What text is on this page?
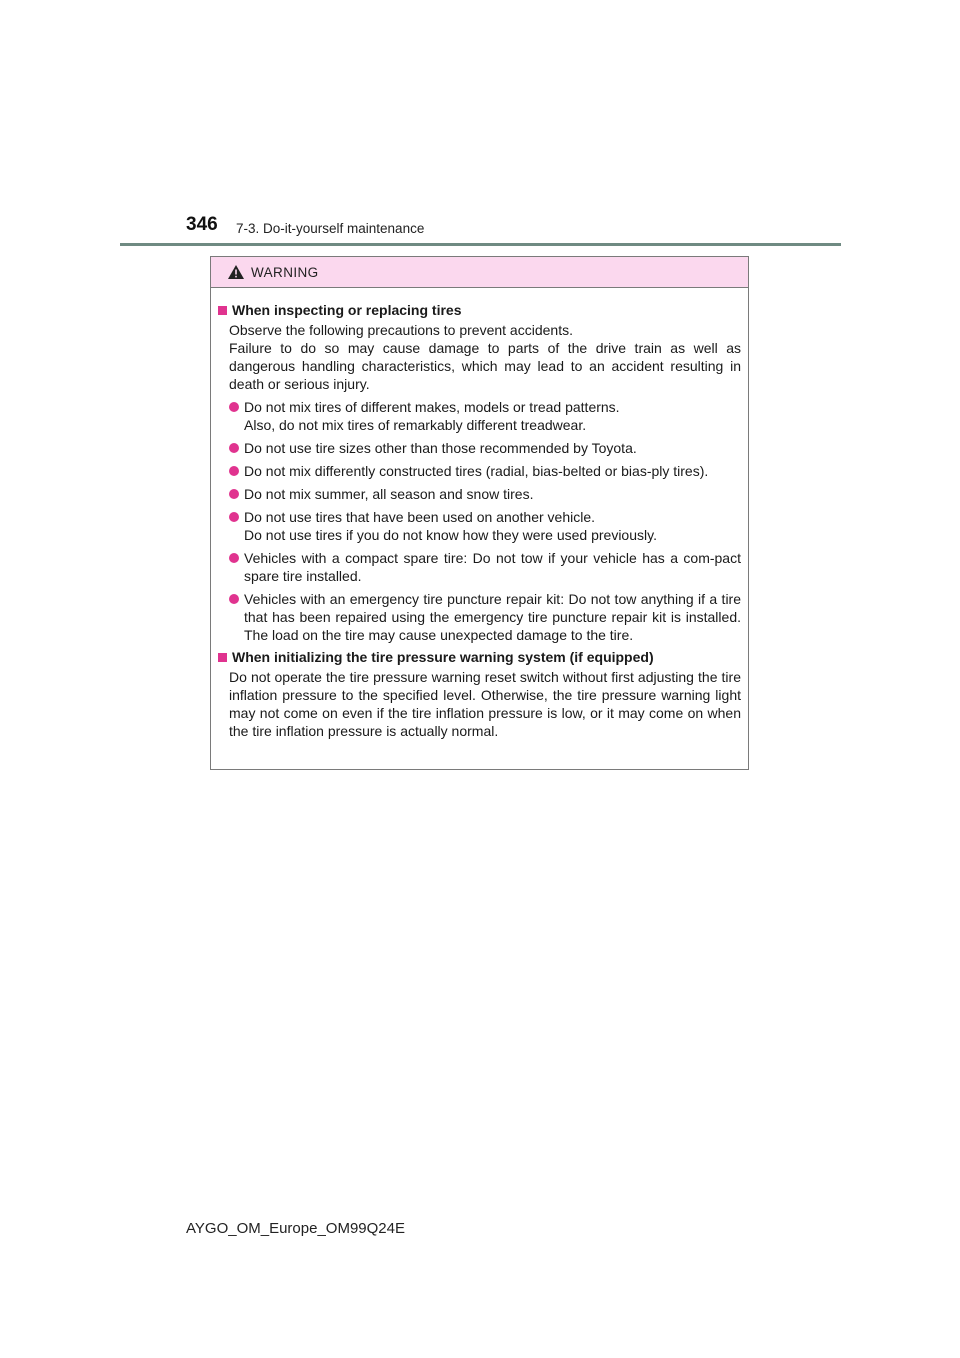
346 7-3. Do-it-yourself maintenance
WARNING
When inspecting or replacing tires
Observe the following precautions to prevent accidents.
Failure to do so may cause damage to parts of the drive train as well as dangerous handling characteristics, which may lead to an accident resulting in death or serious injury.
Do not mix tires of different makes, models or tread patterns.
Also, do not mix tires of remarkably different treadwear.
Do not use tire sizes other than those recommended by Toyota.
Do not mix differently constructed tires (radial, bias-belted or bias-ply tires).
Do not mix summer, all season and snow tires.
Do not use tires that have been used on another vehicle.
Do not use tires if you do not know how they were used previously.
Vehicles with a compact spare tire: Do not tow if your vehicle has a com-pact spare tire installed.
Vehicles with an emergency tire puncture repair kit: Do not tow anything if a tire that has been repaired using the emergency tire puncture repair kit is installed. The load on the tire may cause unexpected damage to the tire.
When initializing the tire pressure warning system (if equipped)
Do not operate the tire pressure warning reset switch without first adjusting the tire inflation pressure to the specified level. Otherwise, the tire pressure warning light may not come on even if the tire inflation pressure is low, or it may come on when the tire inflation pressure is actually normal.
AYGO_OM_Europe_OM99Q24E
